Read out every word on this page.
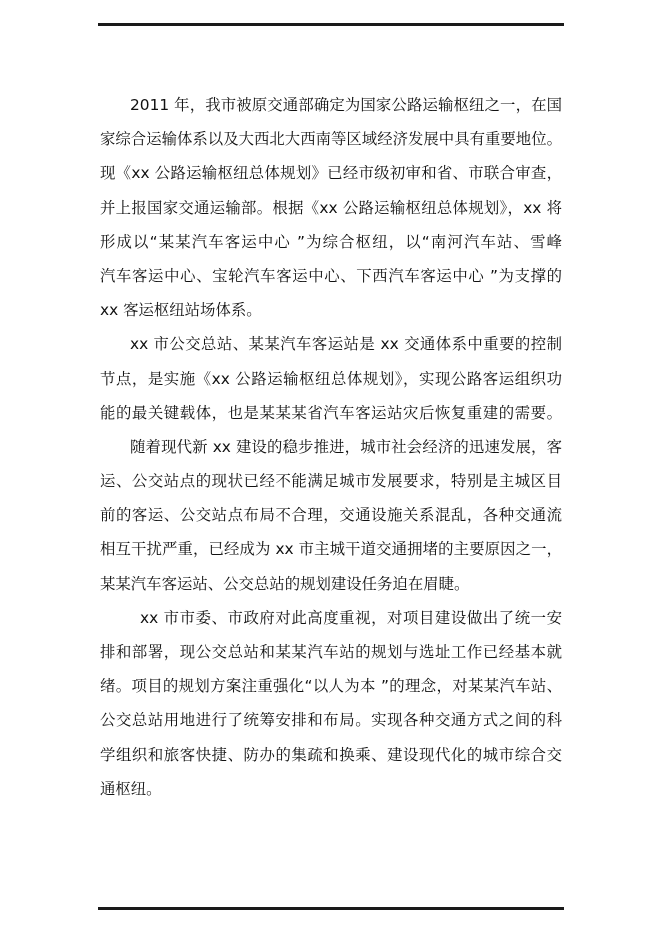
2011 年，我市被原交通部确定为国家公路运输枢纽之一，在国
家综合运输体系以及大西北大西南等区域经济发展中具有重要地位。
现《xx 公路运输枢纽总体规划》已经市级初审和省、市联合审查，
并上报国家交通运输部。根据《xx 公路运输枢纽总体规划》，xx 将
形成以“某某汽车客运中心 ”为综合枢纽，以“南河汽车站、雪峰
汽车客运中心、宝轮汽车客运中心、下西汽车客运中心 ”为支撑的
xx 客运枢纽站场体系。
xx 市公交总站、某某汽车客运站是 xx 交通体系中重要的控制
节点，是实施《xx 公路运输枢纽总体规划》，实现公路客运组织功
能的最关键载体，也是某某某省汽车客运站灾后恢复重建的需要。
随着现代新 xx 建设的稳步推进，城市社会经济的迅速发展，客
运、公交站点的现状已经不能满足城市发展要求，特别是主城区目
前的客运、公交站点布局不合理，交通设施关系混乱，各种交通流
相互干扰严重，已经成为 xx 市主城干道交通拥堵的主要原因之一，
某某汽车客运站、公交总站的规划建设任务迫在眉睫。
xx 市市委、市政府对此高度重视，对项目建设做出了统一安
排和部署，现公交总站和某某汽车站的规划与选址工作已经基本就
绪。项目的规划方案注重强化“以人为本 ”的理念，对某某汽车站、
公交总站用地进行了统筹安排和布局。实现各种交通方式之间的科
学组织和旅客快捷、防办的集疏和换乘、建设现代化的城市综合交
通枢纽。
